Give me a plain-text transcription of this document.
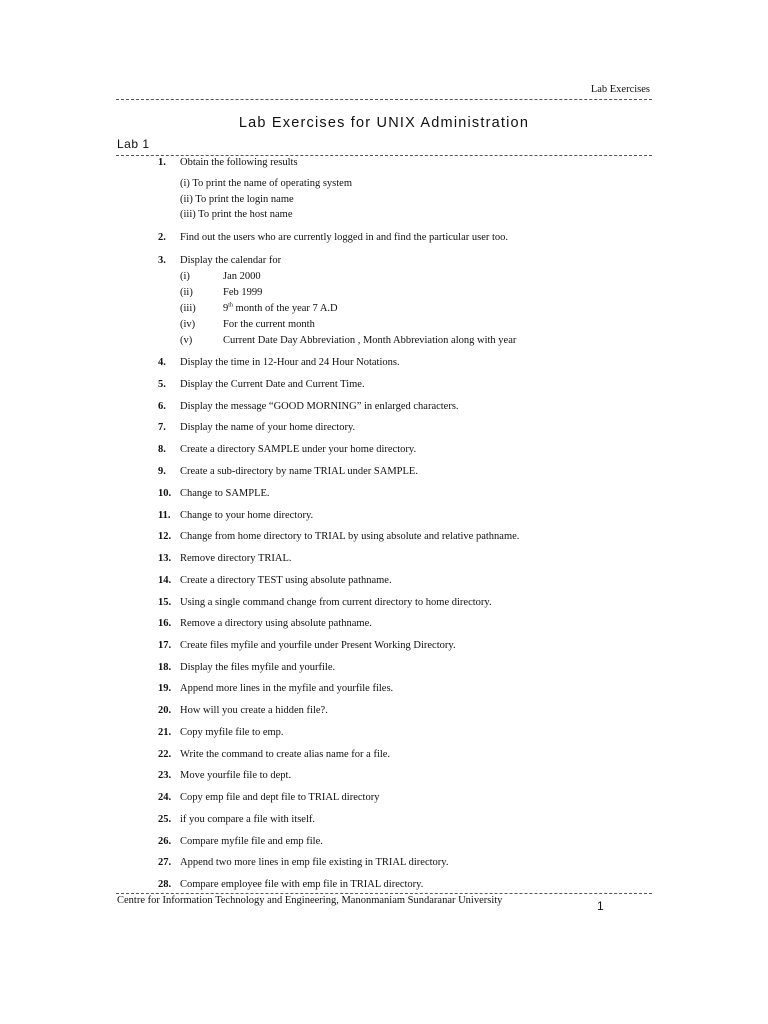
Lab Exercises
Lab Exercises for UNIX Administration
Lab 1
1. Obtain the following results
(i) To print the name of operating system
(ii) To print the login name
(iii) To print the host name
2. Find out the users who are currently logged in and find the particular user too.
3. Display the calendar for
(i)	Jan 2000
(ii)	Feb 1999
(iii)	9th month of the year 7 A.D
(iv)	For the current month
(v)	Current Date Day Abbreviation , Month Abbreviation along with year
4. Display the time in 12-Hour and 24 Hour Notations.
5. Display the Current Date and Current Time.
6. Display the message “GOOD MORNING” in enlarged characters.
7. Display the name of your home directory.
8. Create a directory SAMPLE under your home directory.
9. Create a sub-directory by name TRIAL under SAMPLE.
10. Change to SAMPLE.
11. Change to your home directory.
12. Change from home directory to TRIAL by using absolute and relative pathname.
13. Remove directory TRIAL.
14. Create a directory TEST using absolute pathname.
15. Using a single command change from current directory to home directory.
16. Remove a directory using absolute pathname.
17. Create files myfile and yourfile under Present Working Directory.
18. Display the files myfile and yourfile.
19. Append more lines in the myfile and yourfile files.
20. How will you create a hidden file?.
21. Copy myfile file to emp.
22. Write the command to create alias name for a file.
23. Move yourfile file to dept.
24. Copy emp file and dept file to TRIAL directory
25. if you compare a file with itself.
26. Compare myfile file and emp file.
27. Append two more lines in emp file existing in TRIAL directory.
28. Compare employee file with emp file in TRIAL directory.
Centre for Information Technology and Engineering, Manonmaniam Sundaranar University	1
